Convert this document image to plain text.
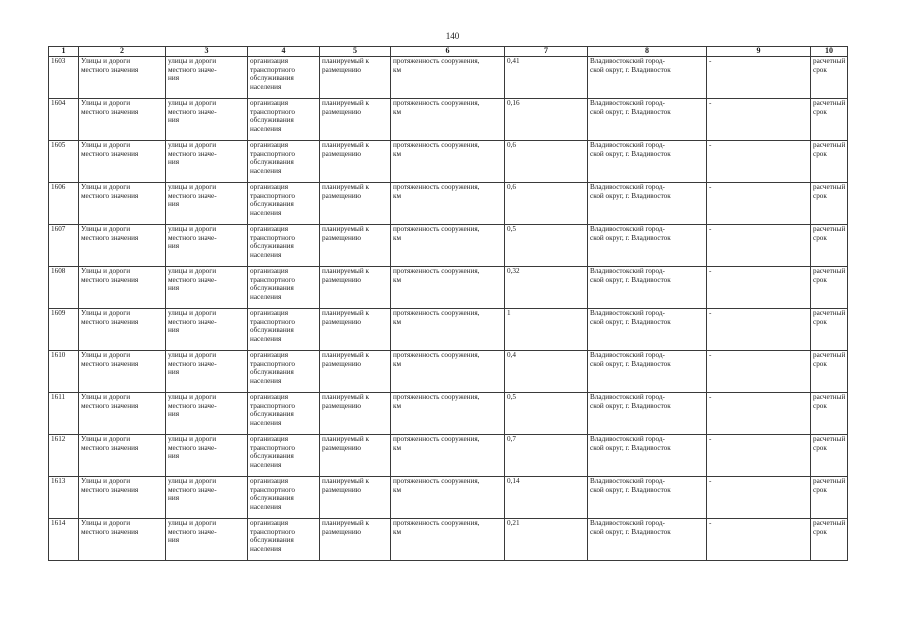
140
1	2	3	4	5	6	7	8	9	10
1603	Улицы и дороги
местного значения	улицы и дороги
местного значе-
ния	организация
транспортного
обслуживания
населения	планируемый к
размещению	протяженность сооружения,
км	0,41	Владивостокский город-
ской округ, г. Владивосток	-	расчетный
срок
1604	Улицы и дороги
местного значения	улицы и дороги
местного значе-
ния	организация
транспортного
обслуживания
населения	планируемый к
размещению	протяженность сооружения,
км	0,16	Владивостокский город-
ской округ, г. Владивосток	-	расчетный
срок
1605	Улицы и дороги
местного значения	улицы и дороги
местного значе-
ния	организация
транспортного
обслуживания
населения	планируемый к
размещению	протяженность сооружения,
км	0,6	Владивостокский город-
ской округ, г. Владивосток	-	расчетный
срок
1606	Улицы и дороги
местного значения	улицы и дороги
местного значе-
ния	организация
транспортного
обслуживания
населения	планируемый к
размещению	протяженность сооружения,
км	0,6	Владивостокский город-
ской округ, г. Владивосток	-	расчетный
срок
1607	Улицы и дороги
местного значения	улицы и дороги
местного значе-
ния	организация
транспортного
обслуживания
населения	планируемый к
размещению	протяженность сооружения,
км	0,5	Владивостокский город-
ской округ, г. Владивосток	-	расчетный
срок
1608	Улицы и дороги
местного значения	улицы и дороги
местного значе-
ния	организация
транспортного
обслуживания
населения	планируемый к
размещению	протяженность сооружения,
км	0,32	Владивостокский город-
ской округ, г. Владивосток	-	расчетный
срок
1609	Улицы и дороги
местного значения	улицы и дороги
местного значе-
ния	организация
транспортного
обслуживания
населения	планируемый к
размещению	протяженность сооружения,
км	1	Владивостокский город-
ской округ, г. Владивосток	-	расчетный
срок
1610	Улицы и дороги
местного значения	улицы и дороги
местного значе-
ния	организация
транспортного
обслуживания
населения	планируемый к
размещению	протяженность сооружения,
км	0,4	Владивостокский город-
ской округ, г. Владивосток	-	расчетный
срок
1611	Улицы и дороги
местного значения	улицы и дороги
местного значе-
ния	организация
транспортного
обслуживания
населения	планируемый к
размещению	протяженность сооружения,
км	0,5	Владивостокский город-
ской округ, г. Владивосток	-	расчетный
срок
1612	Улицы и дороги
местного значения	улицы и дороги
местного значе-
ния	организация
транспортного
обслуживания
населения	планируемый к
размещению	протяженность сооружения,
км	0,7	Владивостокский город-
ской округ, г. Владивосток	-	расчетный
срок
1613	Улицы и дороги
местного значения	улицы и дороги
местного значе-
ния	организация
транспортного
обслуживания
населения	планируемый к
размещению	протяженность сооружения,
км	0,14	Владивостокский город-
ской округ, г. Владивосток	-	расчетный
срок
1614	Улицы и дороги
местного значения	улицы и дороги
местного значе-
ния	организация
транспортного
обслуживания
населения	планируемый к
размещению	протяженность сооружения,
км	0,21	Владивостокский город-
ской округ, г. Владивосток	-	расчетный
срок
